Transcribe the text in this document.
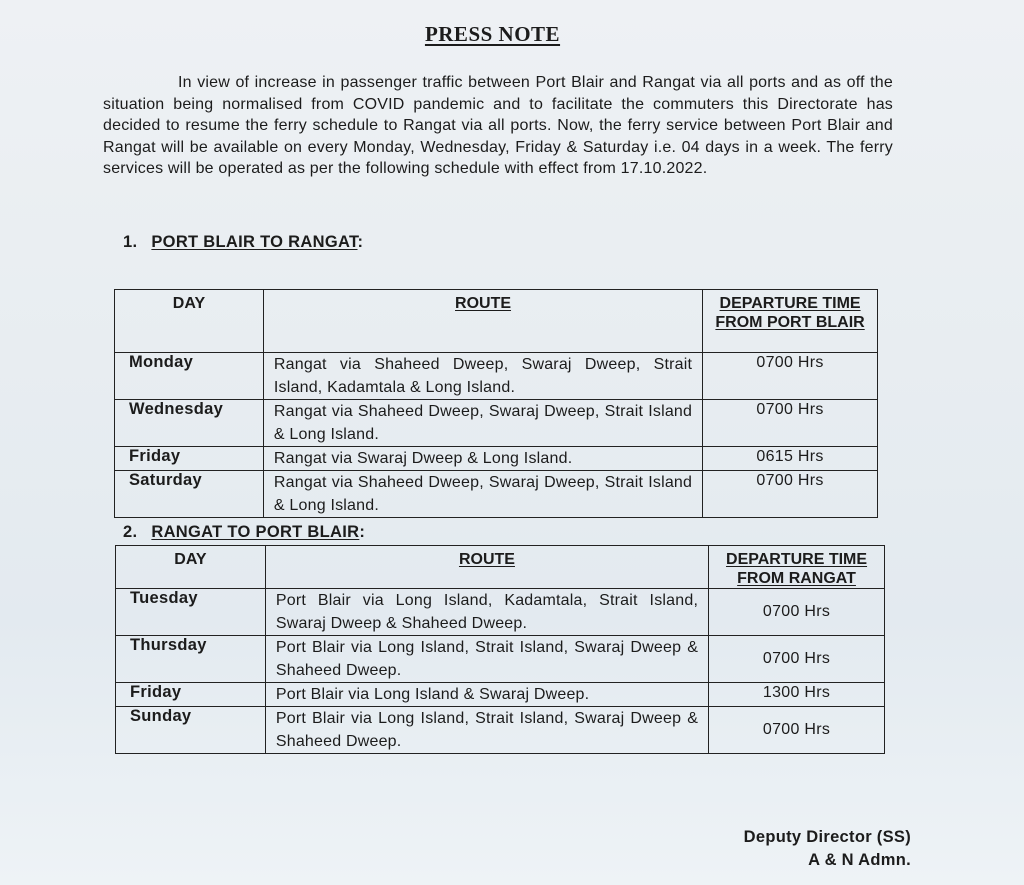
PRESS NOTE

In view of increase in passenger traffic between Port Blair and Rangat via all ports and as off the situation being normalised from COVID pandemic and to facilitate the commuters this Directorate has decided to resume the ferry schedule to Rangat via all ports. Now, the ferry service between Port Blair and Rangat will be available on every Monday, Wednesday, Friday & Saturday i.e. 04 days in a week. The ferry services will be operated as per the following schedule with effect from 17.10.2022.

1. PORT BLAIR TO RANGAT:
DAY	ROUTE	DEPARTURE TIME FROM PORT BLAIR
Monday	Rangat via Shaheed Dweep, Swaraj Dweep, Strait Island, Kadamtala & Long Island.	0700 Hrs
Wednesday	Rangat via Shaheed Dweep, Swaraj Dweep, Strait Island & Long Island.	0700 Hrs
Friday	Rangat via Swaraj Dweep & Long Island.	0615 Hrs
Saturday	Rangat via Shaheed Dweep, Swaraj Dweep, Strait Island & Long Island.	0700 Hrs
2. RANGAT TO PORT BLAIR:
DAY	ROUTE	DEPARTURE TIME FROM RANGAT
Tuesday	Port Blair via Long Island, Kadamtala, Strait Island, Swaraj Dweep & Shaheed Dweep.	0700 Hrs
Thursday	Port Blair via Long Island, Strait Island, Swaraj Dweep & Shaheed Dweep.	0700 Hrs
Friday	Port Blair via Long Island & Swaraj Dweep.	1300 Hrs
Sunday	Port Blair via Long Island, Strait Island, Swaraj Dweep & Shaheed Dweep.	0700 Hrs
Deputy Director (SS)
A & N Admn.
